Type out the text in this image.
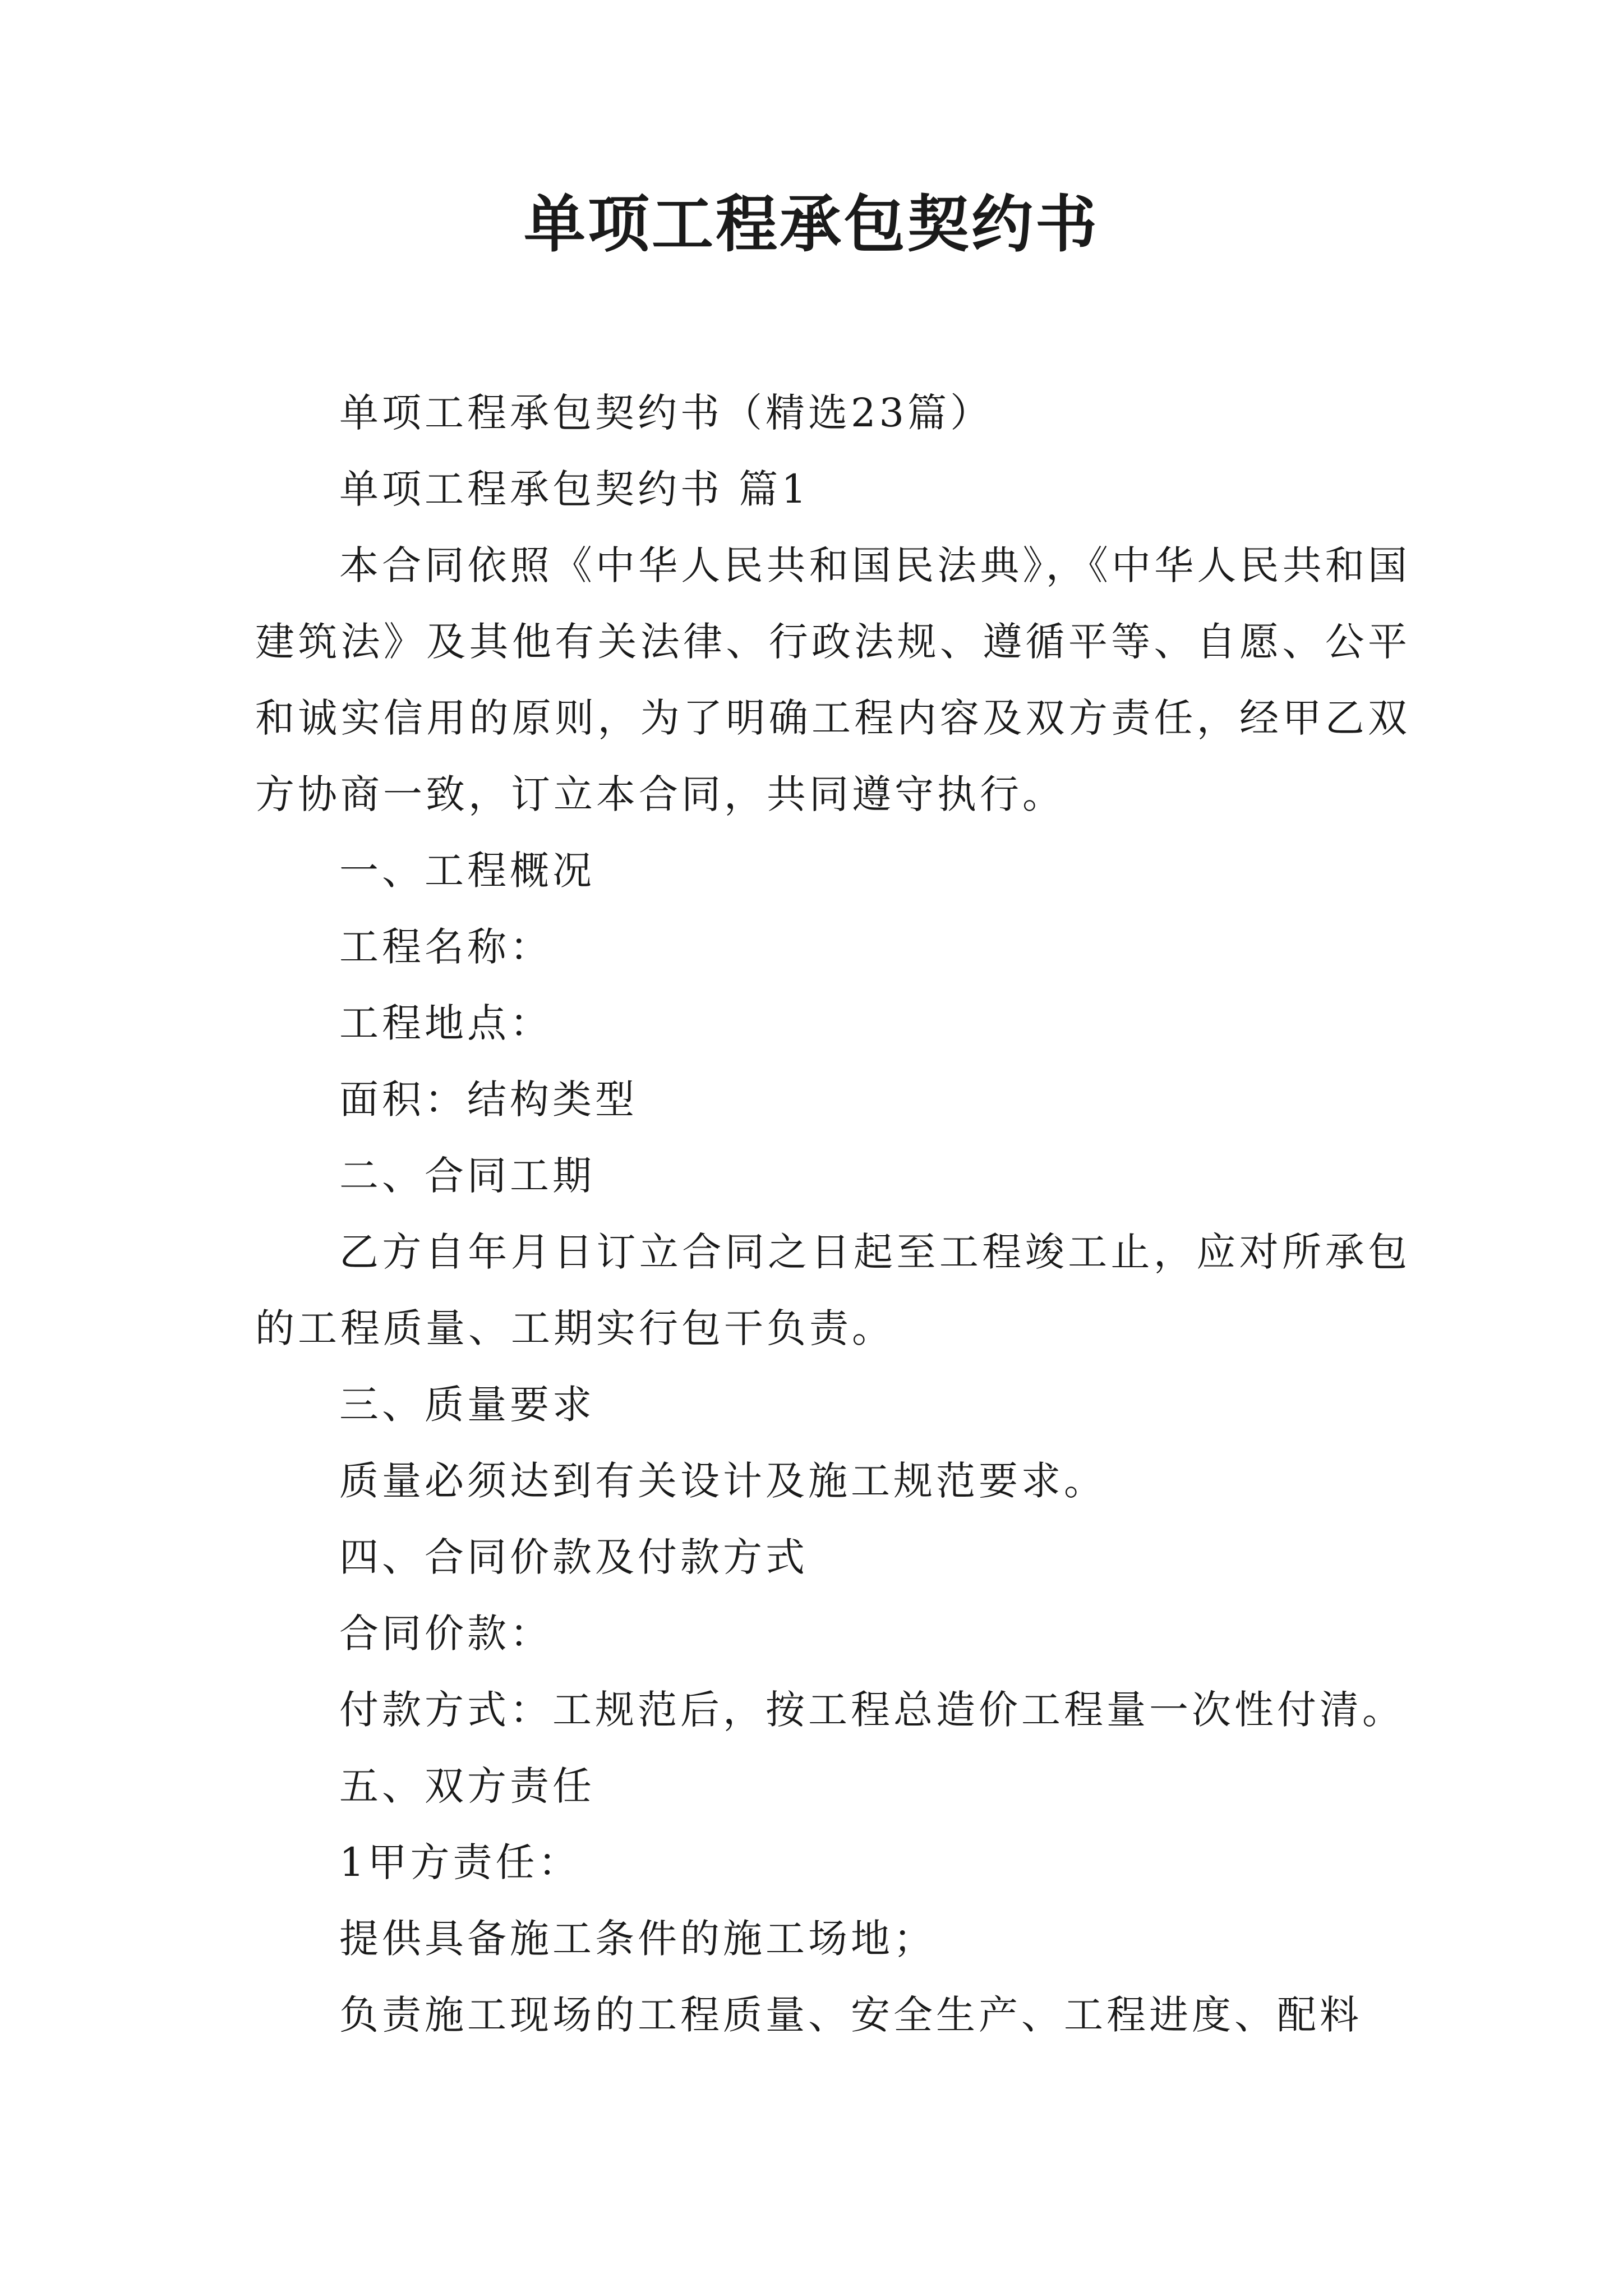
单项工程承包契约书

单项工程承包契约书（精选23篇）

单项工程承包契约书 篇1

本合同依照《中华人民共和国民法典》，《中华人民共和国建筑法》及其他有关法律、行政法规、遵循平等、自愿、公平和诚实信用的原则，为了明确工程内容及双方责任，经甲乙双方协商一致，订立本合同，共同遵守执行。

一、工程概况

工程名称：

工程地点：

面积：结构类型

二、合同工期

乙方自年月日订立合同之日起至工程竣工止，应对所承包的工程质量、工期实行包干负责。

三、质量要求

质量必须达到有关设计及施工规范要求。

四、合同价款及付款方式

合同价款：

付款方式：工规范后，按工程总造价工程量一次性付清。

五、双方责任

1甲方责任：

提供具备施工条件的施工场地；

负责施工现场的工程质量、安全生产、工程进度、配料
